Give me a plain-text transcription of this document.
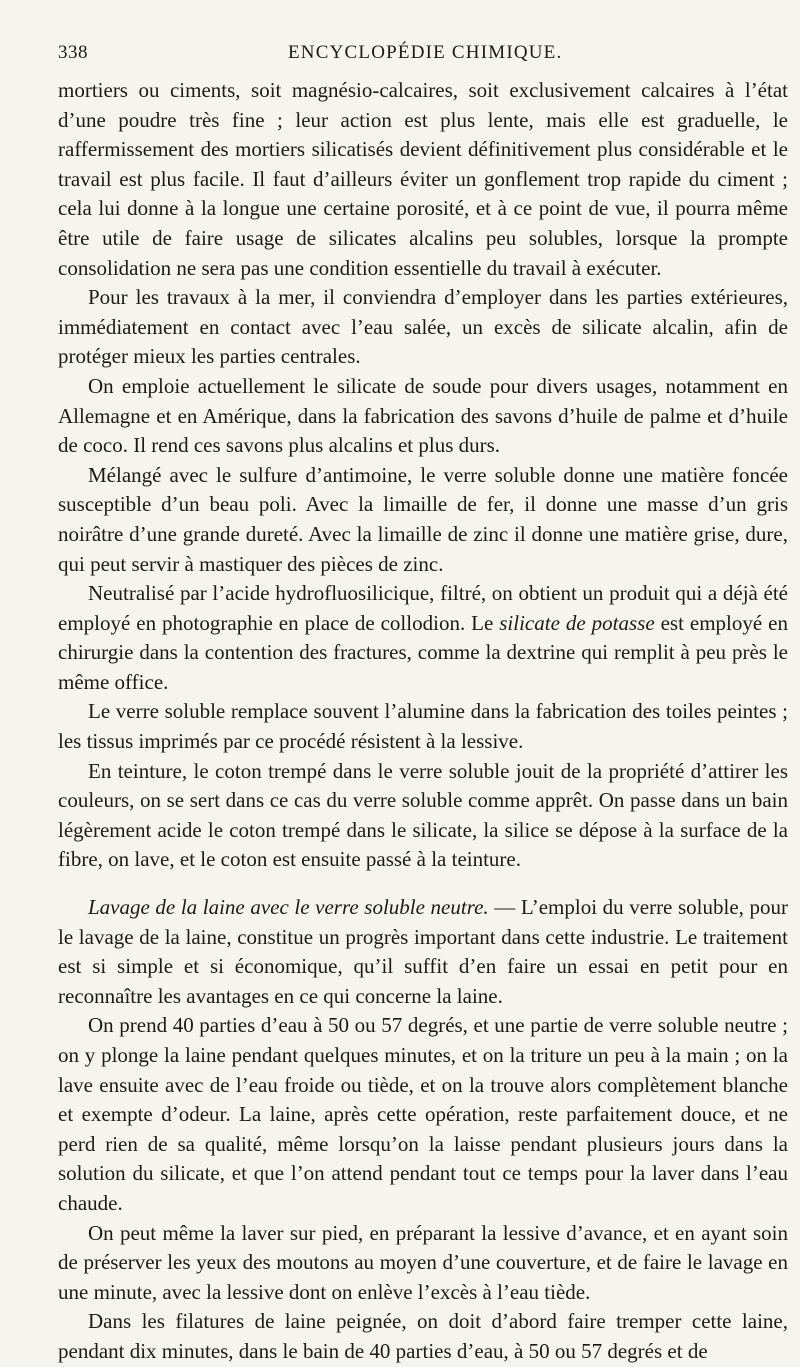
338	ENCYCLOPÉDIE CHIMIQUE.

mortiers ou ciments, soit magnésio-calcaires, soit exclusivement calcaires à l’état d’une poudre très fine ; leur action est plus lente, mais elle est graduelle, le raffermissement des mortiers silicatisés devient définitivement plus considérable et le travail est plus facile. Il faut d’ailleurs éviter un gonflement trop rapide du ciment ; cela lui donne à la longue une certaine porosité, et à ce point de vue, il pourra même être utile de faire usage de silicates alcalins peu solubles, lorsque la prompte consolidation ne sera pas une condition essentielle du travail à exécuter.

Pour les travaux à la mer, il conviendra d’employer dans les parties extérieures, immédiatement en contact avec l’eau salée, un excès de silicate alcalin, afin de protéger mieux les parties centrales.

On emploie actuellement le silicate de soude pour divers usages, notamment en Allemagne et en Amérique, dans la fabrication des savons d’huile de palme et d’huile de coco. Il rend ces savons plus alcalins et plus durs.

Mélangé avec le sulfure d’antimoine, le verre soluble donne une matière foncée susceptible d’un beau poli. Avec la limaille de fer, il donne une masse d’un gris noirâtre d’une grande dureté. Avec la limaille de zinc il donne une matière grise, dure, qui peut servir à mastiquer des pièces de zinc.

Neutralisé par l’acide hydrofluosilicique, filtré, on obtient un produit qui a déjà été employé en photographie en place de collodion. Le silicate de potasse est employé en chirurgie dans la contention des fractures, comme la dextrine qui remplit à peu près le même office.

Le verre soluble remplace souvent l’alumine dans la fabrication des toiles peintes ; les tissus imprimés par ce procédé résistent à la lessive.

En teinture, le coton trempé dans le verre soluble jouit de la propriété d’attirer les couleurs, on se sert dans ce cas du verre soluble comme apprêt. On passe dans un bain légèrement acide le coton trempé dans le silicate, la silice se dépose à la surface de la fibre, on lave, et le coton est ensuite passé à la teinture.

Lavage de la laine avec le verre soluble neutre. — L’emploi du verre soluble, pour le lavage de la laine, constitue un progrès important dans cette industrie. Le traitement est si simple et si économique, qu’il suffit d’en faire un essai en petit pour en reconnaître les avantages en ce qui concerne la laine.

On prend 40 parties d’eau à 50 ou 57 degrés, et une partie de verre soluble neutre ; on y plonge la laine pendant quelques minutes, et on la triture un peu à la main ; on la lave ensuite avec de l’eau froide ou tiède, et on la trouve alors complètement blanche et exempte d’odeur. La laine, après cette opération, reste parfaitement douce, et ne perd rien de sa qualité, même lorsqu’on la laisse pendant plusieurs jours dans la solution du silicate, et que l’on attend pendant tout ce temps pour la laver dans l’eau chaude.

On peut même la laver sur pied, en préparant la lessive d’avance, et en ayant soin de préserver les yeux des moutons au moyen d’une couverture, et de faire le lavage en une minute, avec la lessive dont on enlève l’excès à l’eau tiède.

Dans les filatures de laine peignée, on doit d’abord faire tremper cette laine, pendant dix minutes, dans le bain de 40 parties d’eau, à 50 ou 57 degrés et de
